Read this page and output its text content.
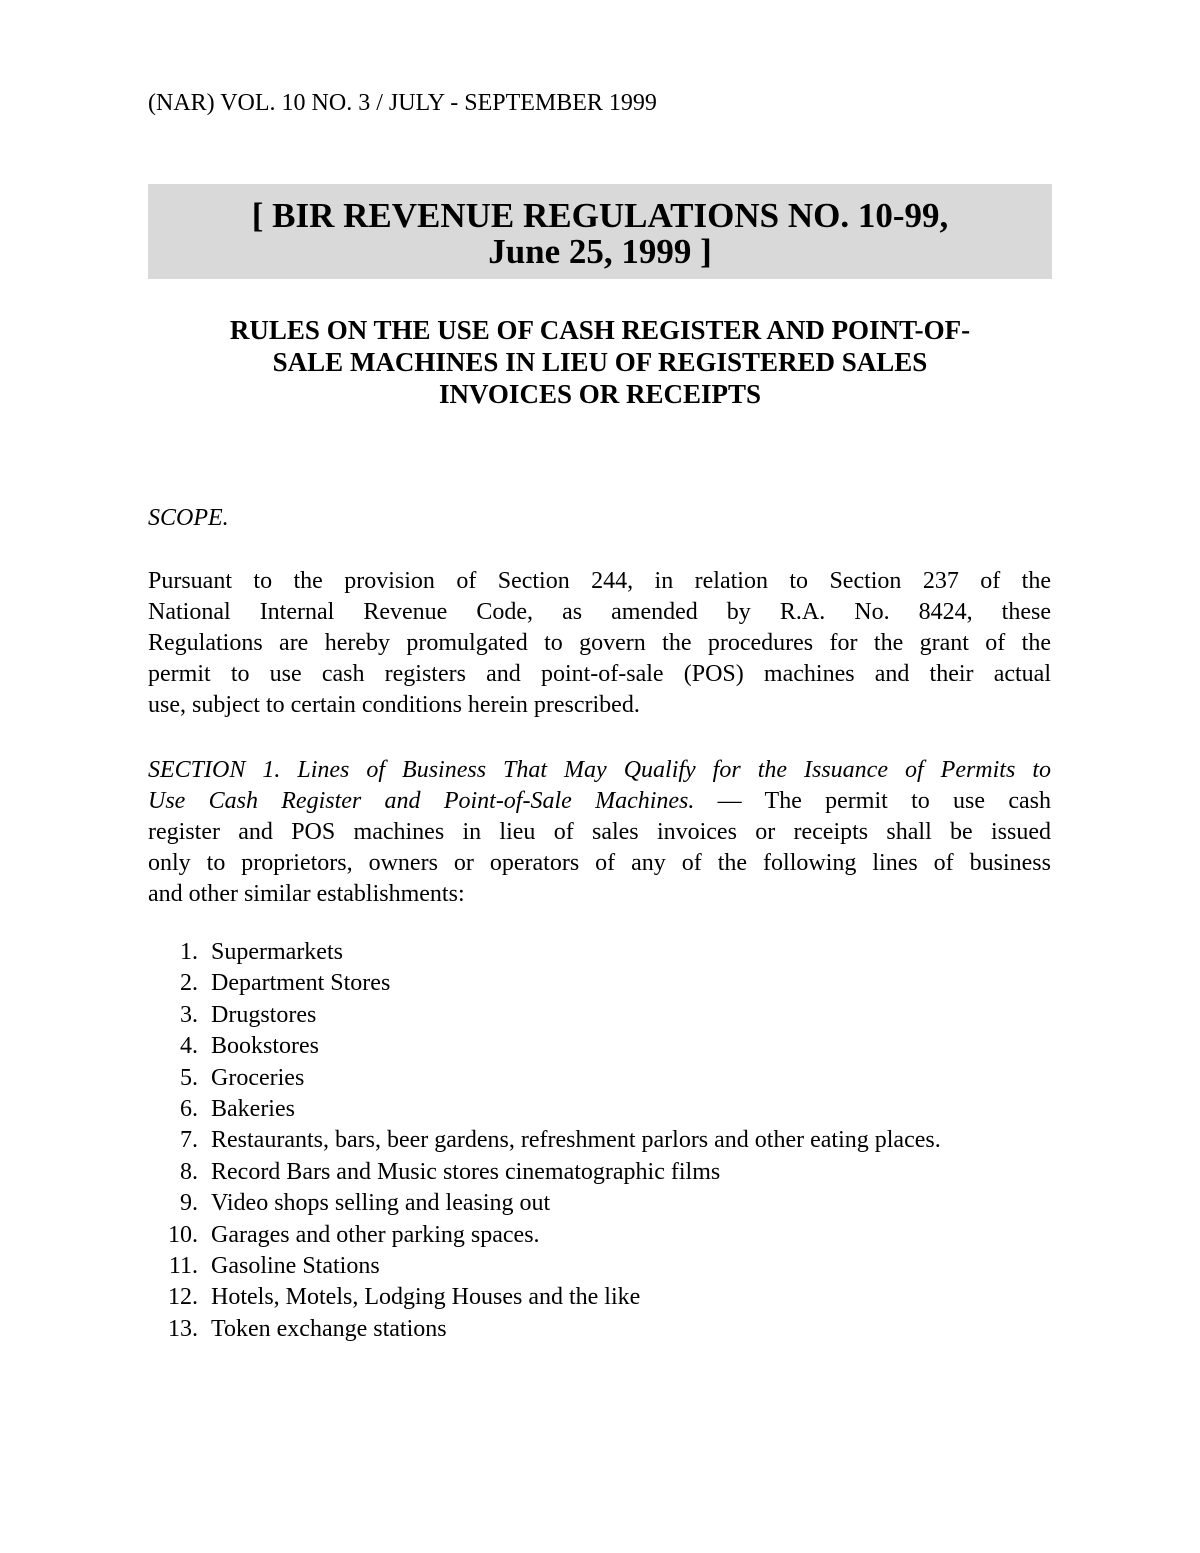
(NAR) VOL. 10 NO. 3 / JULY - SEPTEMBER 1999
[ BIR REVENUE REGULATIONS NO. 10-99,
June 25, 1999 ]
RULES ON THE USE OF CASH REGISTER AND POINT-OF-
SALE MACHINES IN LIEU OF REGISTERED SALES
INVOICES OR RECEIPTS
SCOPE.
Pursuant to the provision of Section 244, in relation to Section 237 of the
National Internal Revenue Code, as amended by R.A. No. 8424, these
Regulations are hereby promulgated to govern the procedures for the grant of the
permit to use cash registers and point-of-sale (POS) machines and their actual
use, subject to certain conditions herein prescribed.
SECTION 1. Lines of Business That May Qualify for the Issuance of Permits to
Use Cash Register and Point-of-Sale Machines. — The permit to use cash
register and POS machines in lieu of sales invoices or receipts shall be issued
only to proprietors, owners or operators of any of the following lines of business
and other similar establishments:
1. Supermarkets
2. Department Stores
3. Drugstores
4. Bookstores
5. Groceries
6. Bakeries
7. Restaurants, bars, beer gardens, refreshment parlors and other eating places.
8. Record Bars and Music stores cinematographic films
9. Video shops selling and leasing out
10. Garages and other parking spaces.
11. Gasoline Stations
12. Hotels, Motels, Lodging Houses and the like
13. Token exchange stations
